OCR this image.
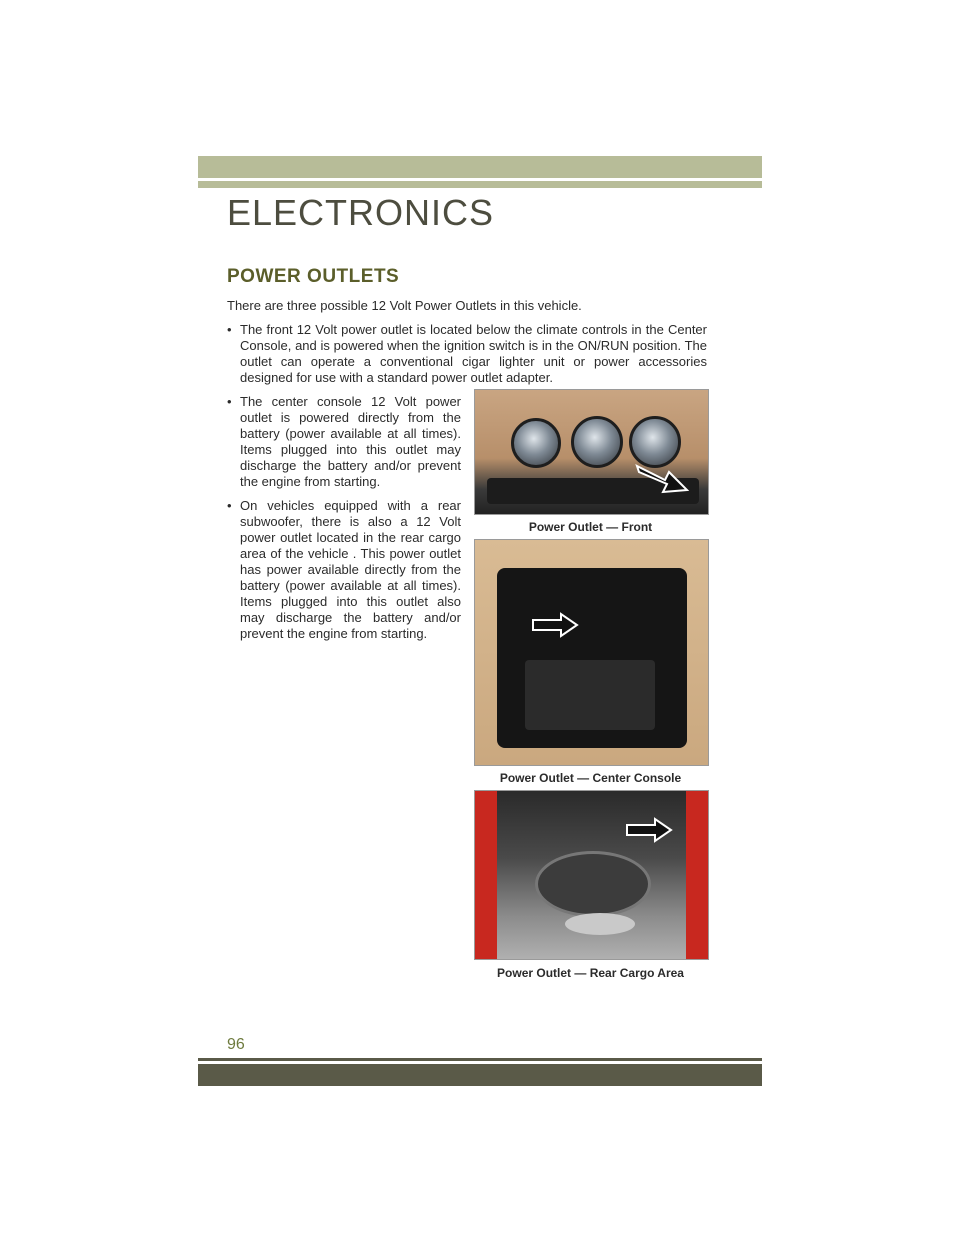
ELECTRONICS
POWER OUTLETS
There are three possible 12 Volt Power Outlets in this vehicle.
• The front 12 Volt power outlet is located below the climate controls in the Center Console, and is powered when the ignition switch is in the ON/RUN position. The outlet can operate a conventional cigar lighter unit or power accessories designed for use with a standard power outlet adapter.
• The center console 12 Volt power outlet is powered directly from the battery (power available at all times). Items plugged into this outlet may discharge the battery and/or prevent the engine from starting.
• On vehicles equipped with a rear subwoofer, there is also a 12 Volt power outlet located in the rear cargo area of the vehicle . This power outlet has power available directly from the battery (power available at all times). Items plugged into this outlet also may discharge the battery and/or prevent the engine from starting.
Power Outlet — Front
Power Outlet — Center Console
Power Outlet — Rear Cargo Area
96
